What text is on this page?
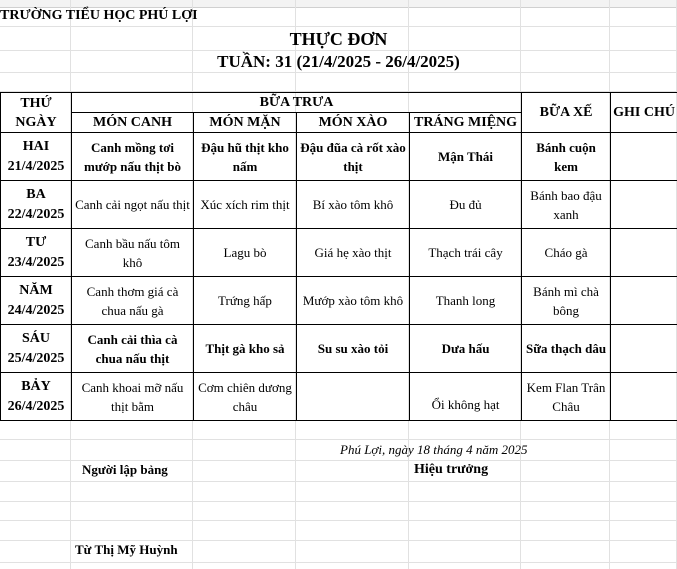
TRƯỜNG TIỂU HỌC PHÚ LỢI
THỰC ĐƠN
TUẦN: 31 (21/4/2025 - 26/4/2025)
THỨ
NGÀY	BỮA TRƯA				BỮA XẾ	GHI CHÚ
	MÓN CANH	MÓN MẶN	MÓN XÀO	TRÁNG MIỆNG		

HAI
21/4/2025	Canh mồng tơi mướp nấu thịt bò	Đậu hũ thịt kho nấm	Đậu đũa cà rốt xào thịt	Mận Thái	Bánh cuộn kem	

BA
22/4/2025	Canh cải ngọt nấu thịt	Xúc xích rim thịt	Bí xào tôm khô	Đu đủ	Bánh bao đậu xanh	

TƯ
23/4/2025	Canh bầu nấu tôm khô	Lagu bò	Giá hẹ xào thịt	Thạch trái cây	Cháo gà	

NĂM
24/4/2025	Canh thơm giá cà chua nấu gà	Trứng hấp	Mướp xào tôm khô	Thanh long	Bánh mì chà bông	

SÁU
25/4/2025	Canh cải thìa cà chua nấu thịt	Thịt gà kho sả	Su su xào tỏi	Dưa hấu	Sữa thạch dâu	

BẢY
26/4/2025	Canh khoai mỡ nấu thịt bằm	Cơm chiên dương châu		Ổi không hạt	Kem Flan Trân Châu	
Phú Lợi, ngày 18 tháng 4 năm 2025
Người lập bảng	Hiệu trưởng
Từ Thị Mỹ Huỳnh
